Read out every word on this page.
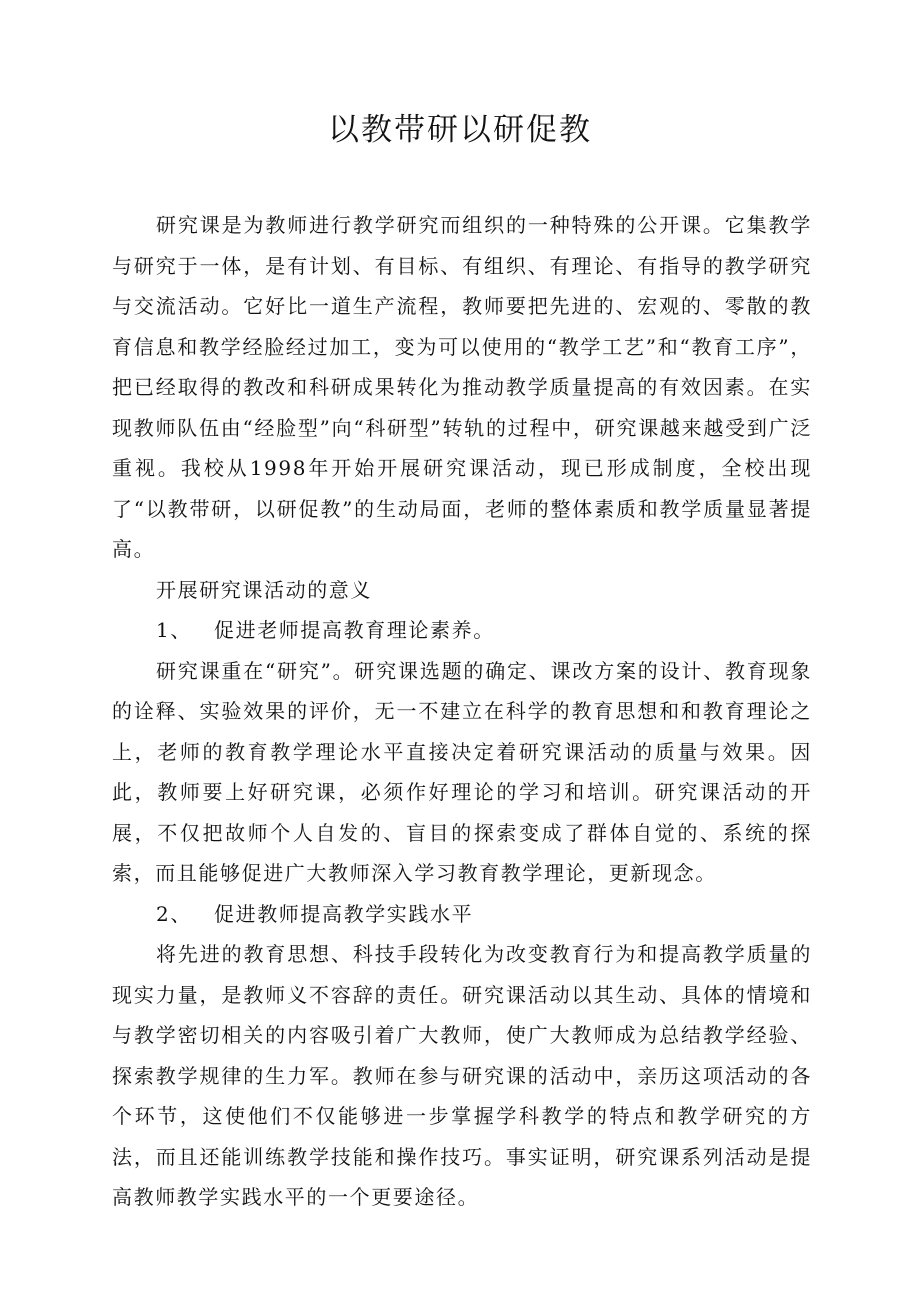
以教带研以研促教

研究课是为教师进行教学研究而组织的一种特殊的公开课。它集教学与研究于一体，是有计划、有目标、有组织、有理论、有指导的教学研究与交流活动。它好比一道生产流程，教师要把先进的、宏观的、零散的教育信息和教学经脸经过加工，变为可以使用的“教学工艺”和“教育工序”，把已经取得的教改和科研成果转化为推动教学质量提高的有效因素。在实现教师队伍由“经脸型”向“科研型”转轨的过程中，研究课越来越受到广泛重视。我校从1998年开始开展研究课活动，现已形成制度，全校出现了“以教带研，以研促教”的生动局面，老师的整体素质和教学质量显著提高。

开展研究课活动的意义

1、 促进老师提高教育理论素养。

研究课重在“研究”。研究课选题的确定、课改方案的设计、教育现象的诠释、实验效果的评价，无一不建立在科学的教育思想和和教育理论之上，老师的教育教学理论水平直接决定着研究课活动的质量与效果。因此，教师要上好研究课，必须作好理论的学习和培训。研究课活动的开展，不仅把故师个人自发的、盲目的探索变成了群体自觉的、系统的探索，而且能够促进广大教师深入学习教育教学理论，更新现念。

2、 促进教师提高教学实践水平

将先进的教育思想、科技手段转化为改变教育行为和提高教学质量的现实力量，是教师义不容辞的责任。研究课活动以其生动、具体的情境和与教学密切相关的内容吸引着广大教师，使广大教师成为总结教学经验、探索教学规律的生力军。教师在参与研究课的活动中，亲历这项活动的各个环节，这使他们不仅能够进一步掌握学科教学的特点和教学研究的方法，而且还能训练教学技能和操作技巧。事实证明，研究课系列活动是提高教师教学实践水平的一个更要途径。
